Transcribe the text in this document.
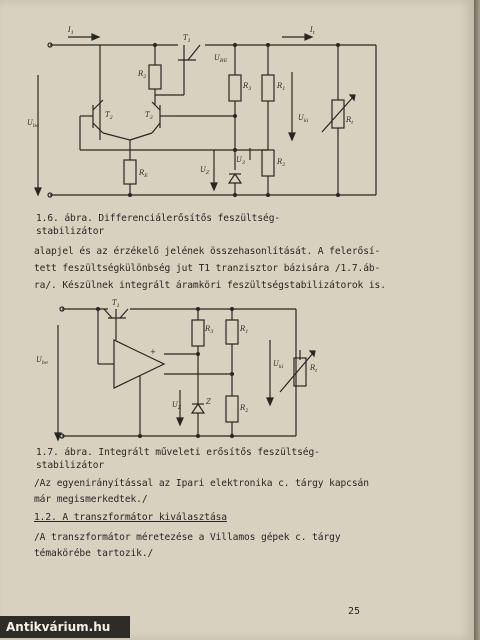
$I_1$	$I_t$
$T_1$
$U_{BE}$
$R_2$
$R_3$	$R_1$
$T_2$	$T_3$
$U_{be}$
$U_{ki}$	$R_t$
$U_3$	$R_2$
$U_Z$
$R_E$
1.6. ábra. Differenciálerősítős feszültség-
stabilizátor
alapjel és az érzékelő jelének összehasonlítását. A felerősí-
tett feszültségkülönbség jut T1 tranzisztor bázisára /1.7.áb-
ra/. Készülnek integrált áramköri feszültségstabilizátorok is.
$T_1$
+
$U_{be}$
$R_3$	$R_1$
$U_{ki}$	$R_t$
Z
$U_Z$	$R_2$
1.7. ábra. Integrált műveleti erősítős feszültség-
stabilizátor
/Az egyenirányítással az Ipari elektronika c. tárgy kapcsán
már megismerkedtek./
1.2. A transzformátor kiválasztása
/A transzformátor méretezése a Villamos gépek c. tárgy
témakörébe tartozik./
25
Antikvárium.hu
